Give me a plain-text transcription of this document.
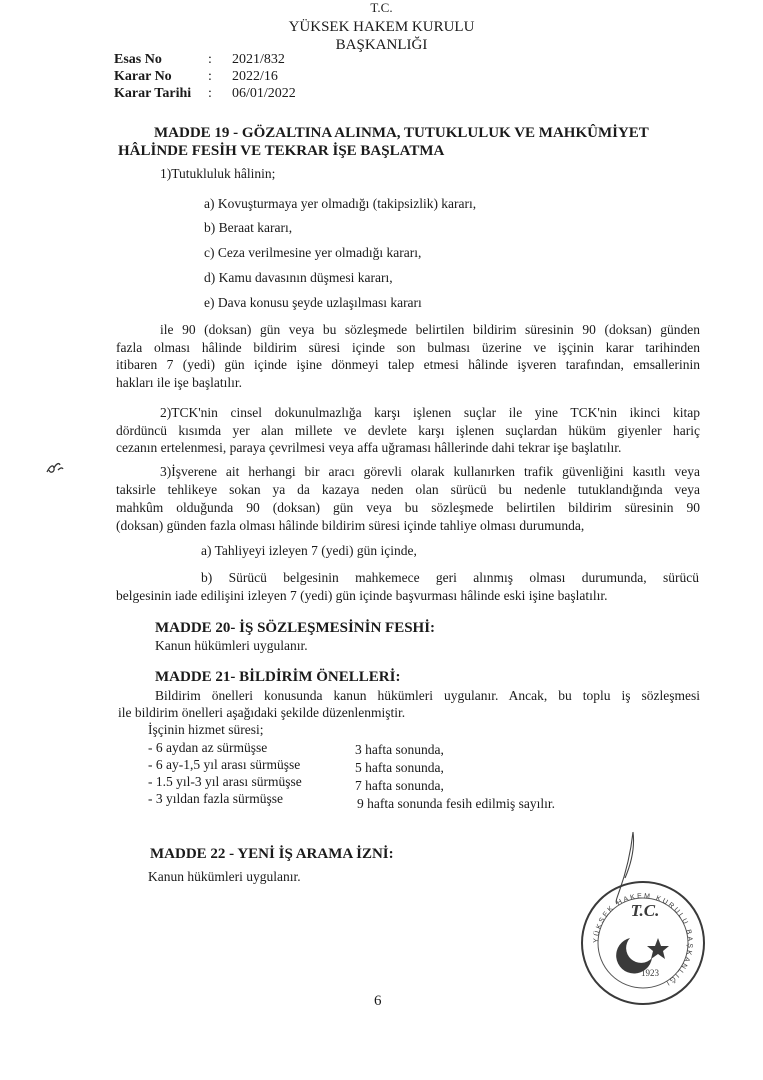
T.C.
YÜKSEK HAKEM KURULU
BAŞKANLIĞI
Esas No	: 2021/832
Karar No	: 2022/16
Karar Tarihi : 06/01/2022
MADDE 19 - GÖZALTINA ALINMA, TUTUKLULUK VE MAHKÛMİYET
HÂLİNDE FESİH VE TEKRAR İŞE BAŞLATMA
1)Tutukluluk hâlinin;
a) Kovuşturmaya yer olmadığı (takipsizlik) kararı,
b) Beraat kararı,
c) Ceza verilmesine yer olmadığı kararı,
d) Kamu davasının düşmesi kararı,
e) Dava konusu şeyde uzlaşılması kararı
ile 90 (doksan) gün veya bu sözleşmede belirtilen bildirim süresinin 90 (doksan) günden
fazla olması hâlinde bildirim süresi içinde son bulması üzerine ve işçinin karar tarihinden
itibaren 7 (yedi) gün içinde işine dönmeyi talep etmesi hâlinde işveren tarafından, emsallerinin
hakları ile işe başlatılır.
2)TCK'nin cinsel dokunulmazlığa karşı işlenen suçlar ile yine TCK'nin ikinci kitap
dördüncü kısımda yer alan millete ve devlete karşı işlenen suçlardan hüküm giyenler hariç
cezanın ertelenmesi, paraya çevrilmesi veya affa uğraması hâllerinde dahi tekrar işe başlatılır.
3)İşverene ait herhangi bir aracı görevli olarak kullanırken trafik güvenliğini kasıtlı veya
taksirle tehlikeye sokan ya da kazaya neden olan sürücü bu nedenle tutuklandığında veya
mahkûm olduğunda 90 (doksan) gün veya bu sözleşmede belirtilen bildirim süresinin 90
(doksan) günden fazla olması hâlinde bildirim süresi içinde tahliye olması durumunda,
a) Tahliyeyi izleyen 7 (yedi) gün içinde,
b) Sürücü belgesinin mahkemece geri alınmış olması durumunda, sürücü
belgesinin iade edilişini izleyen 7 (yedi) gün içinde başvurması hâlinde eski işine başlatılır.
MADDE 20- İŞ SÖZLEŞMESİNİN FESHİ:
Kanun hükümleri uygulanır.
MADDE 21- BİLDİRİM ÖNELLERİ:
Bildirim önelleri konusunda kanun hükümleri uygulanır. Ancak, bu toplu iş sözleşmesi
ile bildirim önelleri aşağıdaki şekilde düzenlenmiştir.
İşçinin hizmet süresi;
- 6 aydan az sürmüşse	3 hafta sonunda,
- 6 ay-1,5 yıl arası sürmüşse	5 hafta sonunda,
- 1.5 yıl-3 yıl arası sürmüşse	7 hafta sonunda,
- 3 yıldan fazla sürmüşse	9 hafta sonunda fesih edilmiş sayılır.
MADDE 22 - YENİ İŞ ARAMA İZNİ:
Kanun hükümleri uygulanır.
T.C.
1923
YÜKSEK HAKEM KURULU BAŞKANLIĞI
6
